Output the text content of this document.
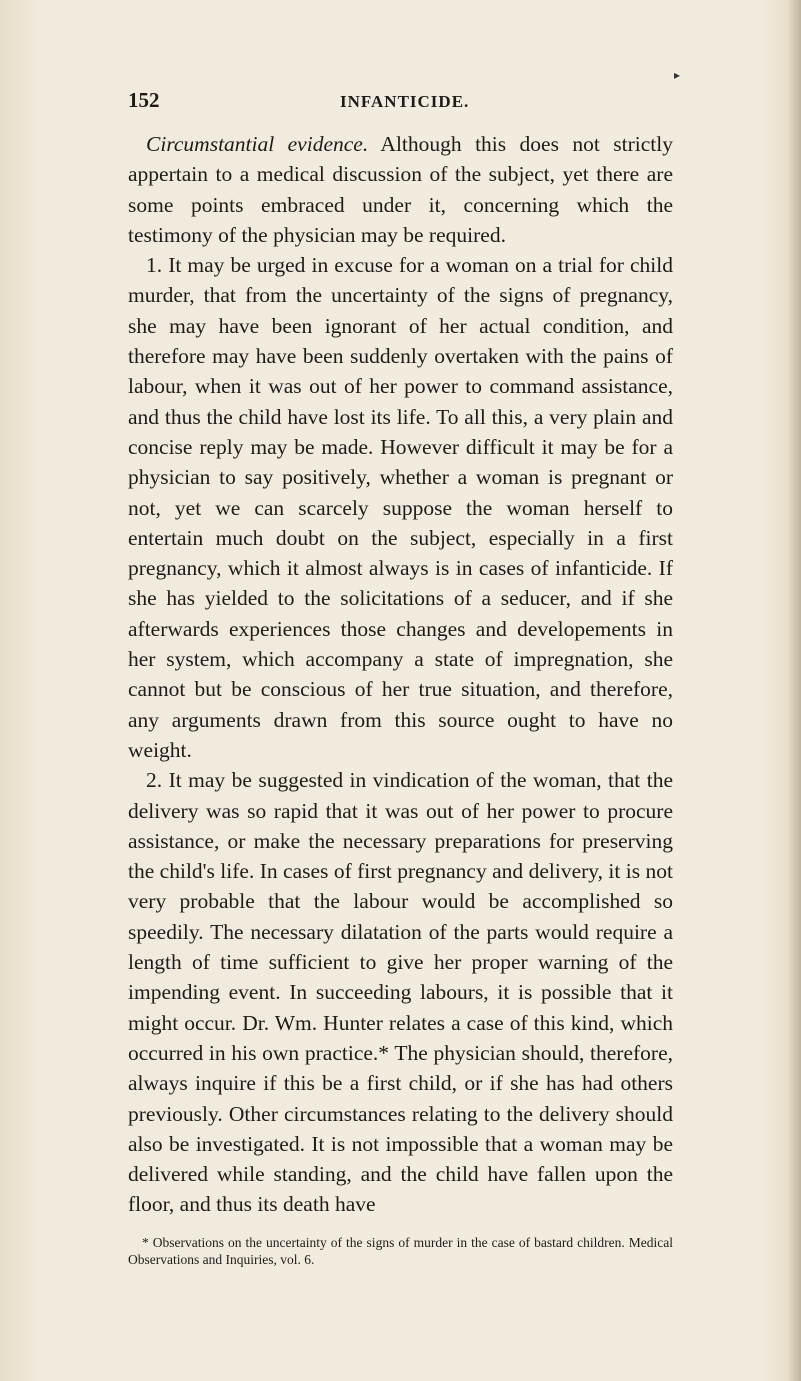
▸
152	INFANTICIDE.

Circumstantial evidence. Although this does not strictly appertain to a medical discussion of the subject, yet there are some points embraced under it, concerning which the testimony of the physician may be required.

1. It may be urged in excuse for a woman on a trial for child murder, that from the uncertainty of the signs of pregnancy, she may have been ignorant of her actual condition, and therefore may have been suddenly overtaken with the pains of labour, when it was out of her power to command assistance, and thus the child have lost its life. To all this, a very plain and concise reply may be made. However difficult it may be for a physician to say positively, whether a woman is pregnant or not, yet we can scarcely suppose the woman herself to entertain much doubt on the subject, especially in a first pregnancy, which it almost always is in cases of infanticide. If she has yielded to the solicitations of a seducer, and if she afterwards experiences those changes and developements in her system, which accompany a state of impregnation, she cannot but be conscious of her true situation, and therefore, any arguments drawn from this source ought to have no weight.

2. It may be suggested in vindication of the woman, that the delivery was so rapid that it was out of her power to procure assistance, or make the necessary preparations for preserving the child's life. In cases of first pregnancy and delivery, it is not very probable that the labour would be accomplished so speedily. The necessary dilatation of the parts would require a length of time sufficient to give her proper warning of the impending event. In succeeding labours, it is possible that it might occur. Dr. Wm. Hunter relates a case of this kind, which occurred in his own practice.* The physician should, therefore, always inquire if this be a first child, or if she has had others previously. Other circumstances relating to the delivery should also be investigated. It is not impossible that a woman may be delivered while standing, and the child have fallen upon the floor, and thus its death have

* Observations on the uncertainty of the signs of murder in the case of bastard children. Medical Observations and Inquiries, vol. 6.
